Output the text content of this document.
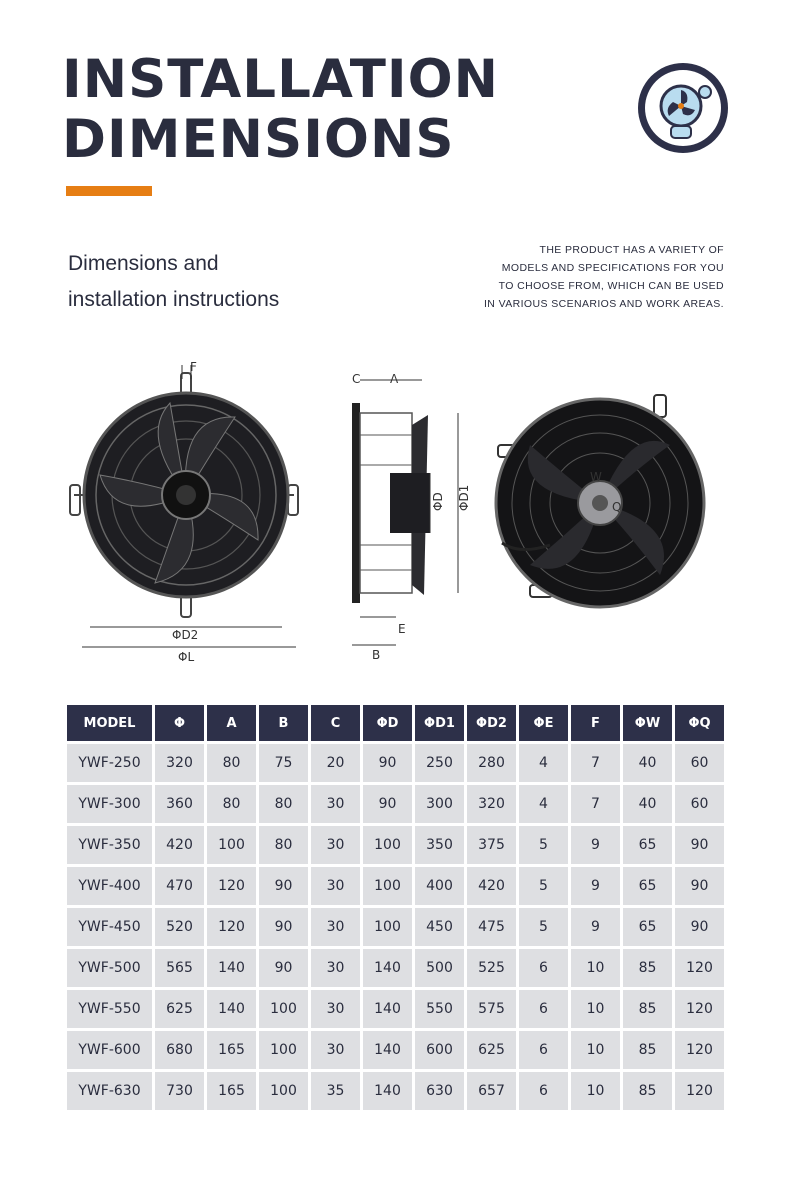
INSTALLATION
DIMENSIONS
Dimensions and
installation instructions
THE PRODUCT HAS A VARIETY OF
MODELS AND SPECIFICATIONS FOR YOU
TO CHOOSE FROM, WHICH CAN BE USED
IN VARIOUS SCENARIOS AND WORK AREAS.
F
ΦD2
ΦL
C A
ΦD ΦD1
E
B
W
Q
MODEL	Φ	A	B	C	ΦD	ΦD1	ΦD2	ΦE	F	ΦW	ΦQ
YWF-250	320	80	75	20	90	250	280	4	7	40	60
YWF-300	360	80	80	30	90	300	320	4	7	40	60
YWF-350	420	100	80	30	100	350	375	5	9	65	90
YWF-400	470	120	90	30	100	400	420	5	9	65	90
YWF-450	520	120	90	30	100	450	475	5	9	65	90
YWF-500	565	140	90	30	140	500	525	6	10	85	120
YWF-550	625	140	100	30	140	550	575	6	10	85	120
YWF-600	680	165	100	30	140	600	625	6	10	85	120
YWF-630	730	165	100	35	140	630	657	6	10	85	120
